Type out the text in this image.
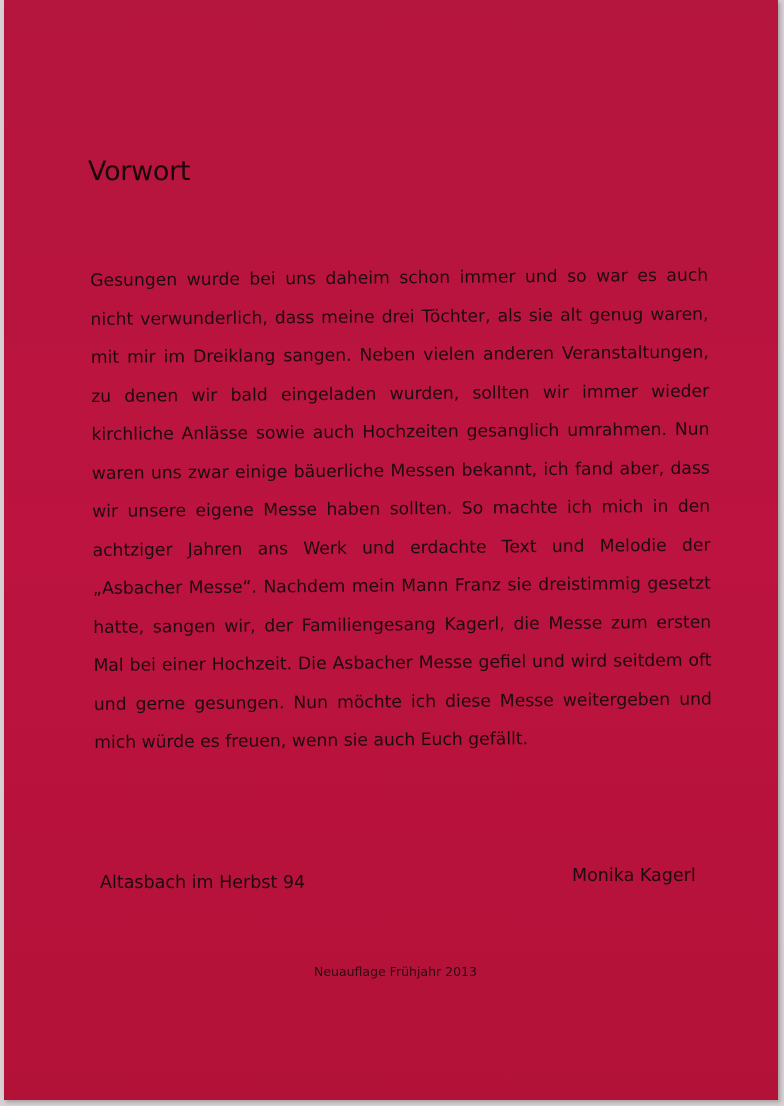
Vorwort

Gesungen wurde bei uns daheim schon immer und so war es auch nicht verwunderlich, dass meine drei Töchter, als sie alt genug waren, mit mir im Dreiklang sangen. Neben vielen anderen Veranstaltungen, zu denen wir bald eingeladen wurden, sollten wir immer wieder kirchliche Anlässe sowie auch Hochzeiten gesanglich umrahmen. Nun waren uns zwar einige bäuerliche Messen bekannt, ich fand aber, dass wir unsere eigene Messe haben sollten. So machte ich mich in den achtziger Jahren ans Werk und erdachte Text und Melodie der „Asbacher Messe“. Nachdem mein Mann Franz sie dreistimmig gesetzt hatte, sangen wir, der Familiengesang Kagerl, die Messe zum ersten Mal bei einer Hochzeit. Die Asbacher Messe gefiel und wird seitdem oft und gerne gesungen. Nun möchte ich diese Messe weitergeben und mich würde es freuen, wenn sie auch Euch gefällt.

Altasbach im Herbst 94	Monika Kagerl
Neuauflage Frühjahr 2013
